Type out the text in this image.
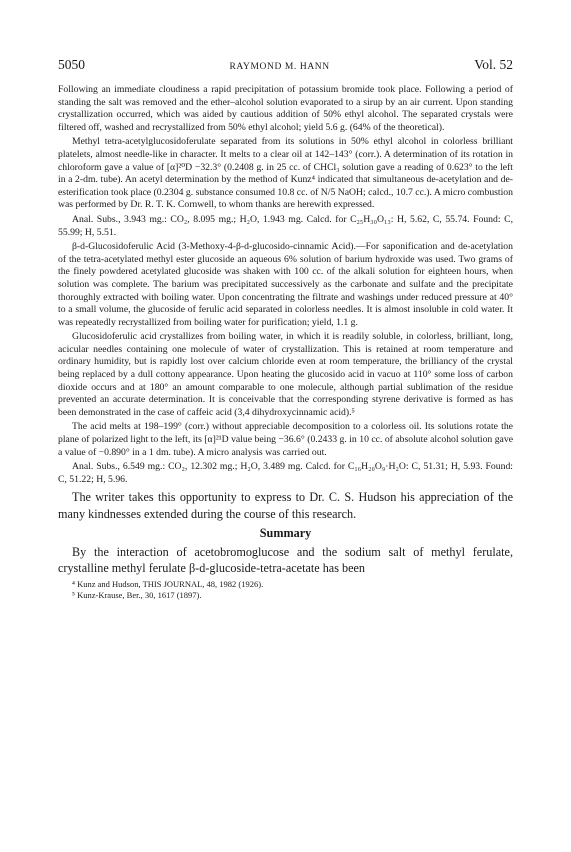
5050	RAYMOND M. HANN	Vol. 52

Following an immediate cloudiness a rapid precipitation of potassium bromide took place. Following a period of standing the salt was removed and the ether–alcohol solution evaporated to a sirup by an air current. Upon standing crystallization occurred, which was aided by cautious addition of 50% ethyl alcohol. The separated crystals were filtered off, washed and recrystallized from 50% ethyl alcohol; yield 5.6 g. (64% of the theoretical).

Methyl tetra-acetylglucosidoferulate separated from its solutions in 50% ethyl alcohol in colorless brilliant platelets, almost needle-like in character. It melts to a clear oil at 142–143° (corr.). A determination of its rotation in chloroform gave a value of [α]²⁰D −32.3° (0.2408 g. in 25 cc. of CHCl₃ solution gave a reading of 0.623° to the left in a 2-dm. tube). An acetyl determination by the method of Kunz⁴ indicated that simultaneous de-acetylation and de-esterification took place (0.2304 g. substance consumed 10.8 cc. of N/5 NaOH; calcd., 10.7 cc.). A micro combustion was performed by Dr. R. T. K. Cornwell, to whom thanks are herewith expressed.

Anal. Subs., 3.943 mg.: CO₂, 8.095 mg.; H₂O, 1.943 mg. Calcd. for C₂₅H₃₀O₁₃: H, 5.62, C, 55.74. Found: C, 55.99; H, 5.51.

β-d-Glucosidoferulic Acid (3-Methoxy-4-β-d-glucosido-cinnamic Acid).—For saponification and de-acetylation of the tetra-acetylated methyl ester glucoside an aqueous 6% solution of barium hydroxide was used. Two grams of the finely powdered acetylated glucoside was shaken with 100 cc. of the alkali solution for eighteen hours, when solution was complete. The barium was precipitated successively as the carbonate and sulfate and the precipitate thoroughly extracted with boiling water. Upon concentrating the filtrate and washings under reduced pressure at 40° to a small volume, the glucoside of ferulic acid separated in colorless needles. It is almost insoluble in cold water. It was repeatedly recrystallized from boiling water for purification; yield, 1.1 g.

Glucosidoferulic acid crystallizes from boiling water, in which it is readily soluble, in colorless, brilliant, long, acicular needles containing one molecule of water of crystallization. This is retained at room temperature and ordinary humidity, but is rapidly lost over calcium chloride even at room temperature, the brilliancy of the crystal being replaced by a dull cottony appearance. Upon heating the glucosido acid in vacuo at 110° some loss of carbon dioxide occurs and at 180° an amount comparable to one molecule, although partial sublimation of the residue prevented an accurate determination. It is conceivable that the corresponding styrene derivative is formed as has been demonstrated in the case of caffeic acid (3,4 dihydroxycinnamic acid).⁵

The acid melts at 198–199° (corr.) without appreciable decomposition to a colorless oil. Its solutions rotate the plane of polarized light to the left, its [α]²¹D value being −36.6° (0.2433 g. in 10 cc. of absolute alcohol solution gave a value of −0.890° in a 1 dm. tube). A micro analysis was carried out.

Anal. Subs., 6.549 mg.: CO₂, 12.302 mg.; H₂O, 3.489 mg. Calcd. for C₁₆H₂₀O₉·H₂O: C, 51.31; H, 5.93. Found: C, 51.22; H, 5.96.

The writer takes this opportunity to express to Dr. C. S. Hudson his appreciation of the many kindnesses extended during the course of this research.

Summary

By the interaction of acetobromoglucose and the sodium salt of methyl ferulate, crystalline methyl ferulate β-d-glucoside-tetra-acetate has been

⁴ Kunz and Hudson, THIS JOURNAL, 48, 1982 (1926).

⁵ Kunz-Krause, Ber., 30, 1617 (1897).
